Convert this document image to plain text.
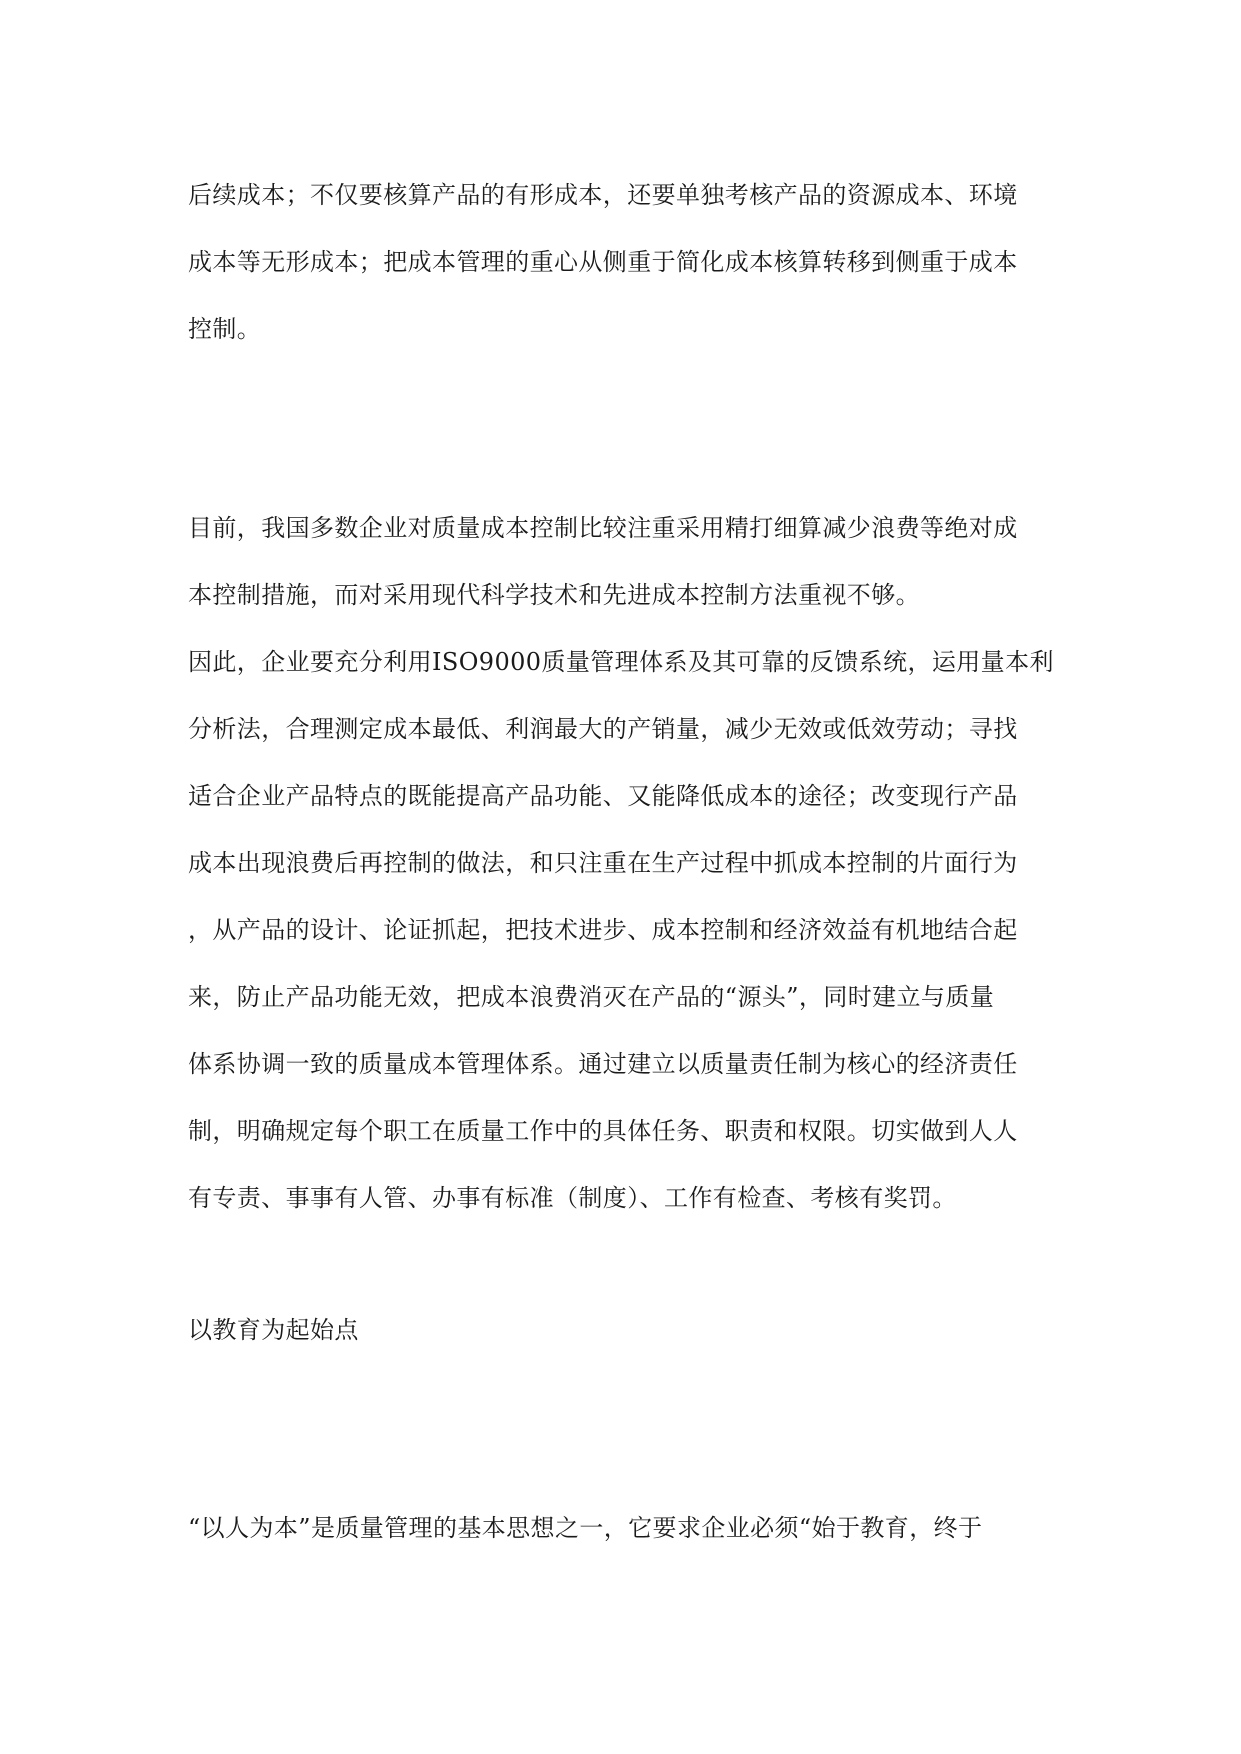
后续成本；不仅要核算产品的有形成本，还要单独考核产品的资源成本、环境
成本等无形成本；把成本管理的重心从侧重于简化成本核算转移到侧重于成本
控制。
目前，我国多数企业对质量成本控制比较注重采用精打细算减少浪费等绝对成
本控制措施，而对采用现代科学技术和先进成本控制方法重视不够。
因此，企业要充分利用ISO9000质量管理体系及其可靠的反馈系统，运用量本利
分析法，合理测定成本最低、利润最大的产销量，减少无效或低效劳动；寻找
适合企业产品特点的既能提高产品功能、又能降低成本的途径；改变现行产品
成本出现浪费后再控制的做法，和只注重在生产过程中抓成本控制的片面行为
，从产品的设计、论证抓起，把技术进步、成本控制和经济效益有机地结合起
来，防止产品功能无效，把成本浪费消灭在产品的“源头”，同时建立与质量
体系协调一致的质量成本管理体系。通过建立以质量责任制为核心的经济责任
制，明确规定每个职工在质量工作中的具体任务、职责和权限。切实做到人人
有专责、事事有人管、办事有标准（制度）、工作有检查、考核有奖罚。
以教育为起始点
“以人为本”是质量管理的基本思想之一，它要求企业必须“始于教育，终于
